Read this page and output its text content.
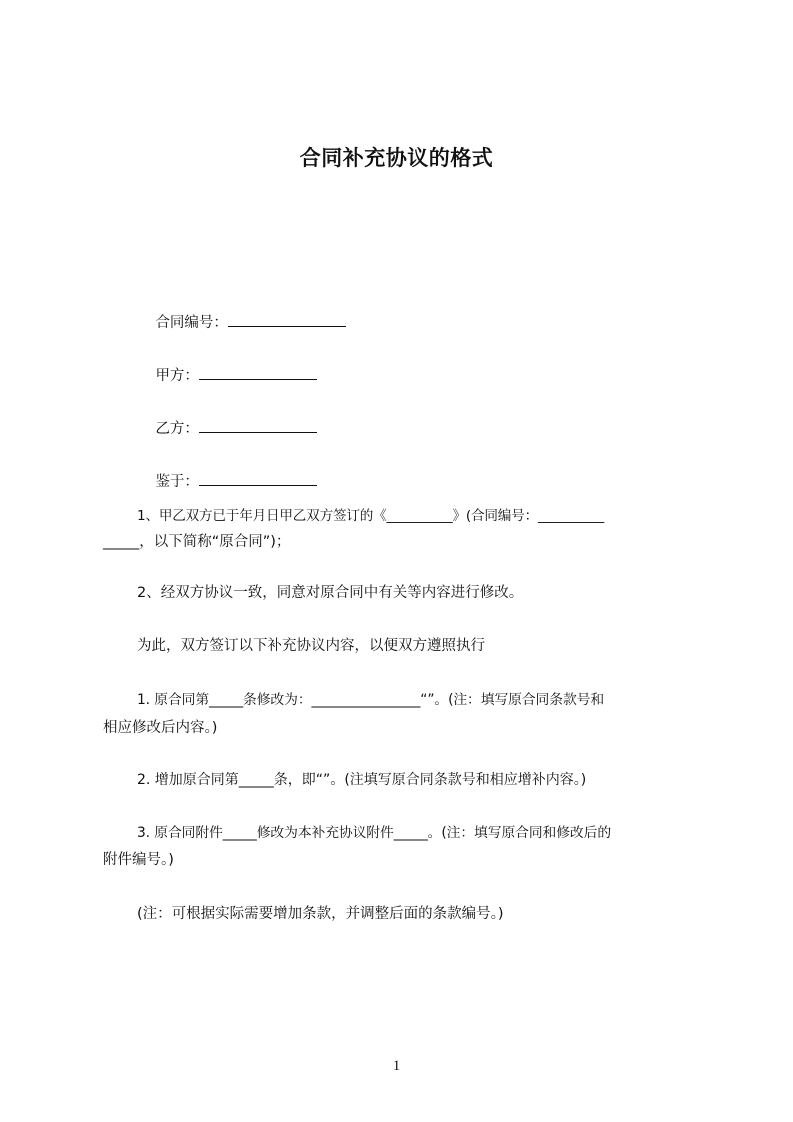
合同补充协议的格式

合同编号：

甲方：

乙方：

鉴于：

1、甲乙双方已于年月日甲乙双方签订的《__________》(合同编号：__________
_____，以下简称“原合同”)；
2、经双方协议一致，同意对原合同中有关等内容进行修改。
为此，双方签订以下补充协议内容，以便双方遵照执行
1. 原合同第_____条修改为：________________“”。(注：填写原合同条款号和
相应修改后内容。)
2. 增加原合同第_____条，即“”。(注填写原合同条款号和相应增补内容。)
3. 原合同附件_____修改为本补充协议附件_____。(注：填写原合同和修改后的
附件编号。)
(注：可根据实际需要增加条款，并调整后面的条款编号。)
1
